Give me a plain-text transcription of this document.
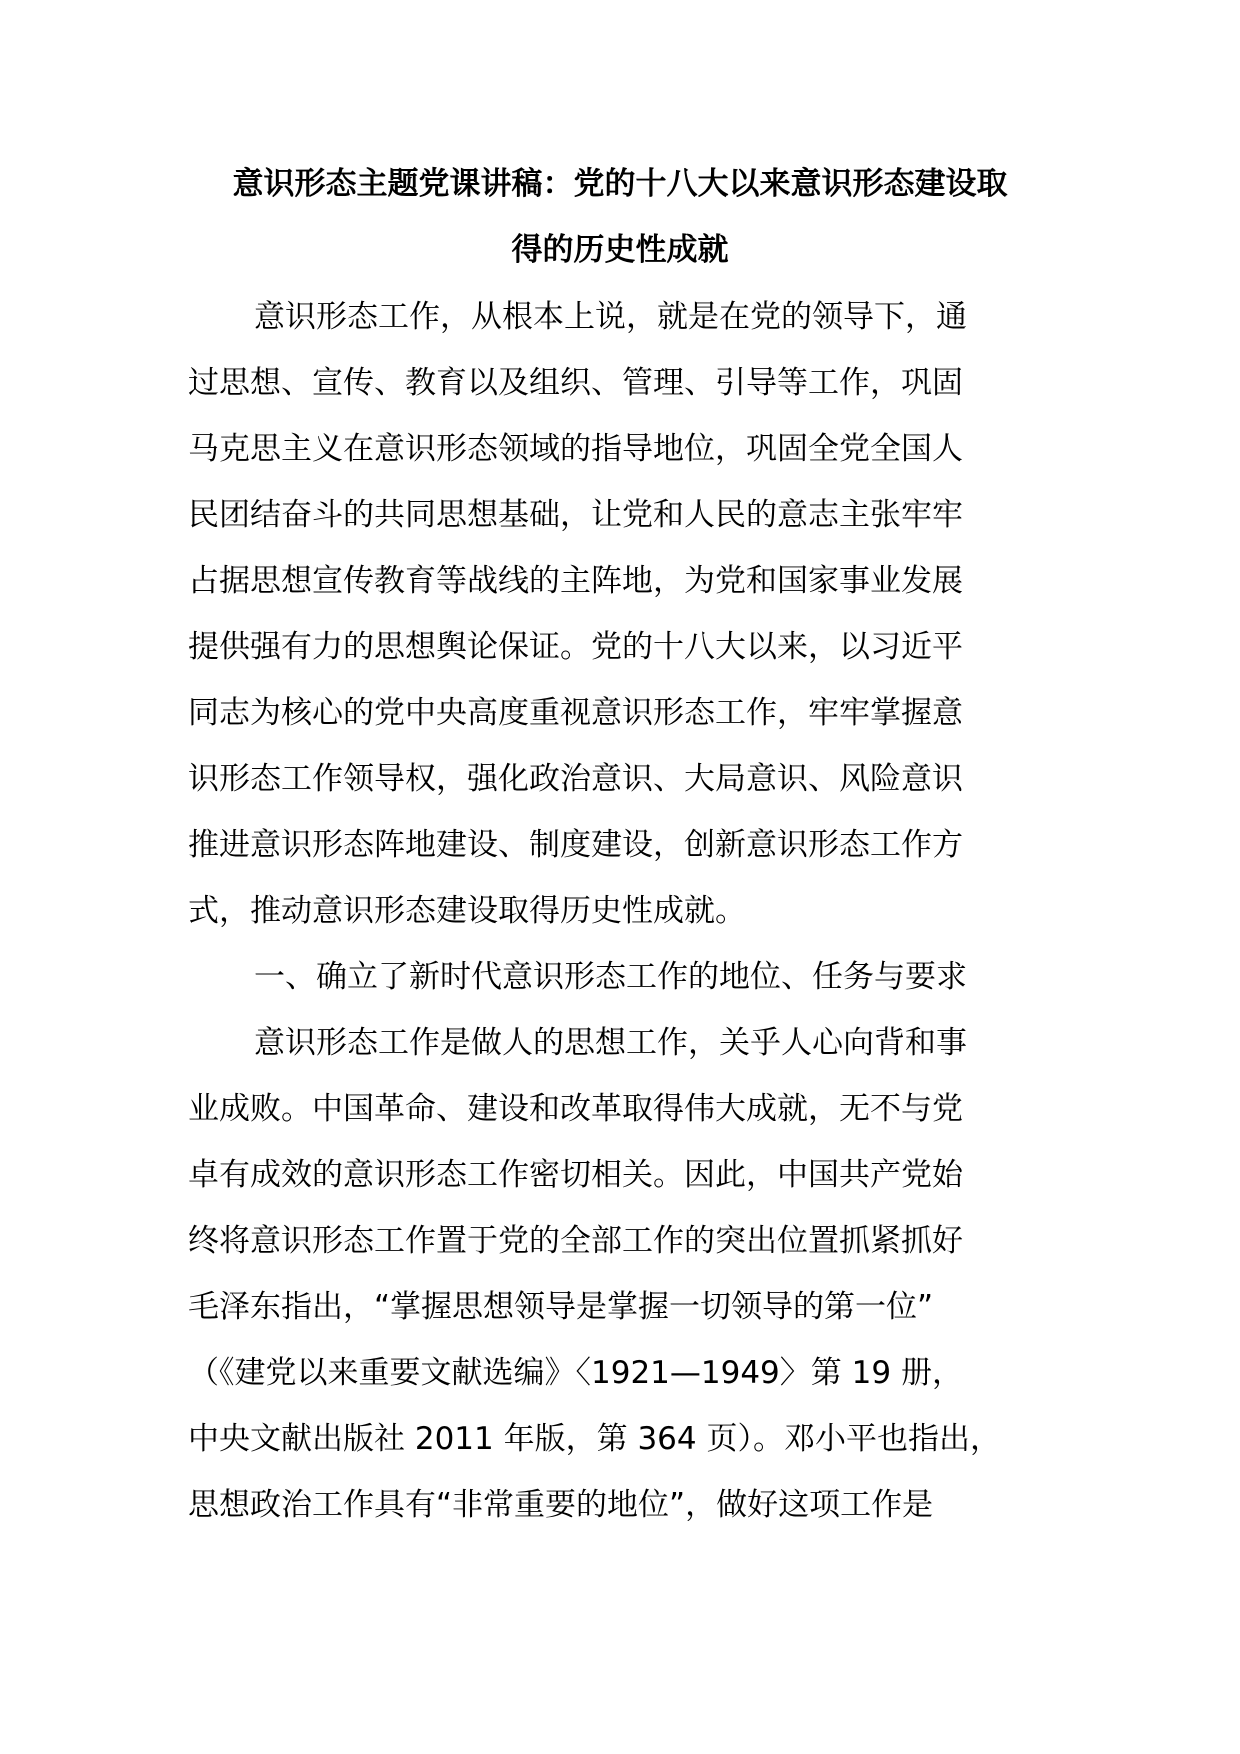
意识形态主题党课讲稿：党的十八大以来意识形态建设取
得的历史性成就
意识形态工作，从根本上说，就是在党的领导下，通
过思想、宣传、教育以及组织、管理、引导等工作，巩固
马克思主义在意识形态领域的指导地位，巩固全党全国人
民团结奋斗的共同思想基础，让党和人民的意志主张牢牢
占据思想宣传教育等战线的主阵地，为党和国家事业发展
提供强有力的思想舆论保证。党的十八大以来，以习近平
同志为核心的党中央高度重视意识形态工作，牢牢掌握意
识形态工作领导权，强化政治意识、大局意识、风险意识
推进意识形态阵地建设、制度建设，创新意识形态工作方
式，推动意识形态建设取得历史性成就。
一、确立了新时代意识形态工作的地位、任务与要求
意识形态工作是做人的思想工作，关乎人心向背和事
业成败。中国革命、建设和改革取得伟大成就，无不与党
卓有成效的意识形态工作密切相关。因此，中国共产党始
终将意识形态工作置于党的全部工作的突出位置抓紧抓好
毛泽东指出，“掌握思想领导是掌握一切领导的第一位”
（《建党以来重要文献选编》〈1921—1949〉第 19 册，
中央文献出版社 2011 年版，第 364 页）。邓小平也指出，
思想政治工作具有“非常重要的地位”，做好这项工作是
